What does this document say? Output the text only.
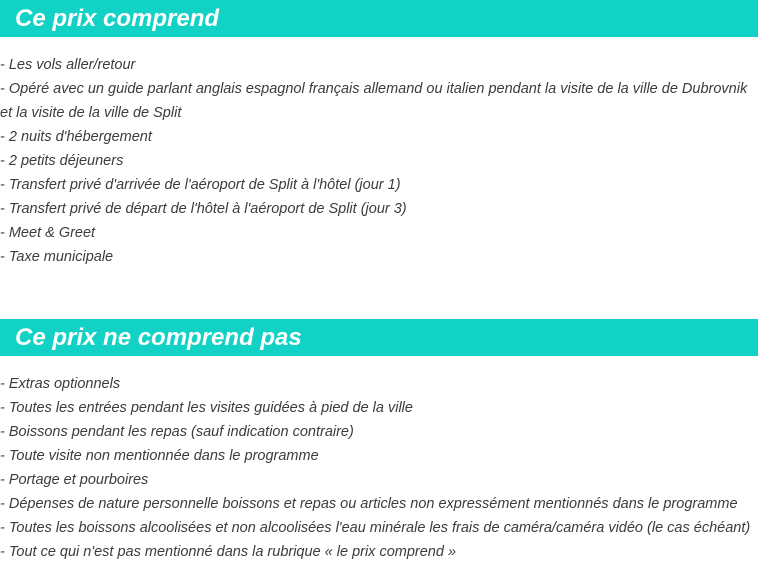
Ce prix comprend
- Les vols aller/retour
- Opéré avec un guide parlant anglais espagnol français allemand ou italien pendant la visite de la ville de Dubrovnik et la visite de la ville de Split
- 2 nuits d'hébergement
- 2 petits déjeuners
- Transfert privé d'arrivée de l'aéroport de Split à l'hôtel (jour 1)
- Transfert privé de départ de l'hôtel à l'aéroport de Split (jour 3)
- Meet & Greet
- Taxe municipale
Ce prix ne comprend pas
- Extras optionnels
- Toutes les entrées pendant les visites guidées à pied de la ville
- Boissons pendant les repas (sauf indication contraire)
- Toute visite non mentionnée dans le programme
- Portage et pourboires
- Dépenses de nature personnelle boissons et repas ou articles non expressément mentionnés dans le programme
- Toutes les boissons alcoolisées et non alcoolisées l'eau minérale les frais de caméra/caméra vidéo (le cas échéant)
- Tout ce qui n'est pas mentionné dans la rubrique « le prix comprend »
